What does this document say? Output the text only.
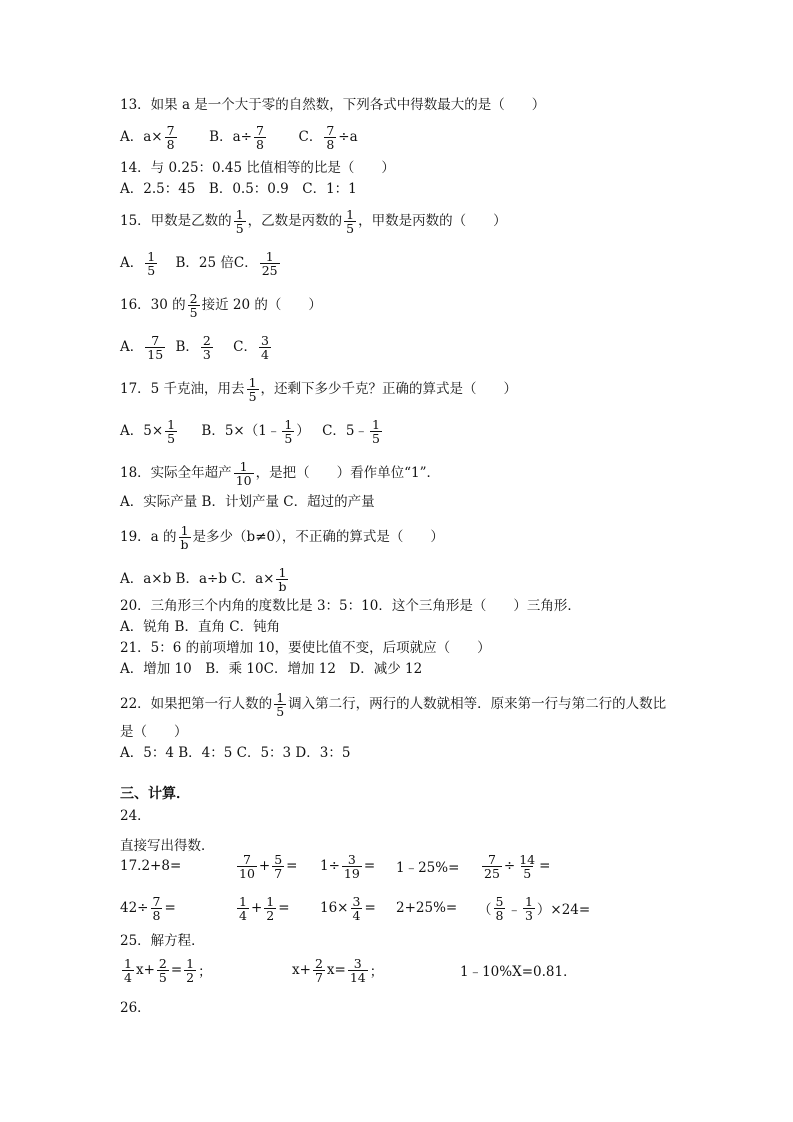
13．如果 a 是一个大于零的自然数，下列各式中得数最大的是（　　）
A．$a\times \frac{7}{8}$ B．$a\div \frac{7}{8}$ C． $\frac{7}{8} \div a$
14．与 0.25：0.45 比值相等的比是（　　）
A．2.5：45　B．0.5：0.9　C．1：1
15．甲数是乙数的 $\frac{1}{5}$ ，乙数是丙数的 $\frac{1}{5}$ ，甲数是丙数的（　　）
A． $\frac{1}{5}$ B．25 倍C． $\frac{1}{25}$
16．30 的 $\frac{2}{5}$ 接近 20 的（　　）
A． $\frac{7}{15}$ B． $\frac{2}{3}$ C． $\frac{3}{4}$
17．5 千克油，用去 $\frac{1}{5}$ ，还剩下多少千克？正确的算式是（　　）
A．$5\times \frac{1}{5}$ B．5×（1﹣ $\frac{1}{5}$ ） C．5﹣ $\frac{1}{5}$
18．实际全年超产 $\frac{1}{10}$ ，是把（　　）看作单位“1”．
A．实际产量 B．计划产量 C．超过的产量
19．a 的 $\frac{1}{b}$ 是多少（b≠0），不正确的算式是（　　）
A．a×b B．a÷b C．$a\times \frac{1}{b}$
20．三角形三个内角的度数比是 3：5：10．这个三角形是（　　）三角形．
A．锐角 B．直角 C．钝角
21．5：6 的前项增加 10，要使比值不变，后项就应（　　）
A．增加 10　B．乘 10C．增加 12　D．减少 12
22．如果把第一行人数的 $\frac{1}{5}$ 调入第二行，两行的人数就相等．原来第一行与第二行的人数比
是（　　）
A．5：4 B．4：5 C．5：3 D．3：5
三、计算．
24．
直接写出得数．
17.2+8=	$\frac{7}{10} + \frac{5}{7} = 1\div \frac{3}{19}$ = 1﹣25%= $\frac{7}{25} \div \frac{14}{5}$ =
$42\div \frac{7}{8}$ =	$\frac{1}{4} + \frac{1}{2} = 16\times \frac{3}{4} = 2+25\%=$ （ $\frac{5}{8}$ ﹣ $\frac{1}{3} )\times 24=$
25．解方程．
$\frac{1}{4} x+ \frac{2}{5} = \frac{1}{2}$ ；	$x+ \frac{2}{7} x= \frac{3}{14}$ ；	1﹣10%X=0.81．
26．
